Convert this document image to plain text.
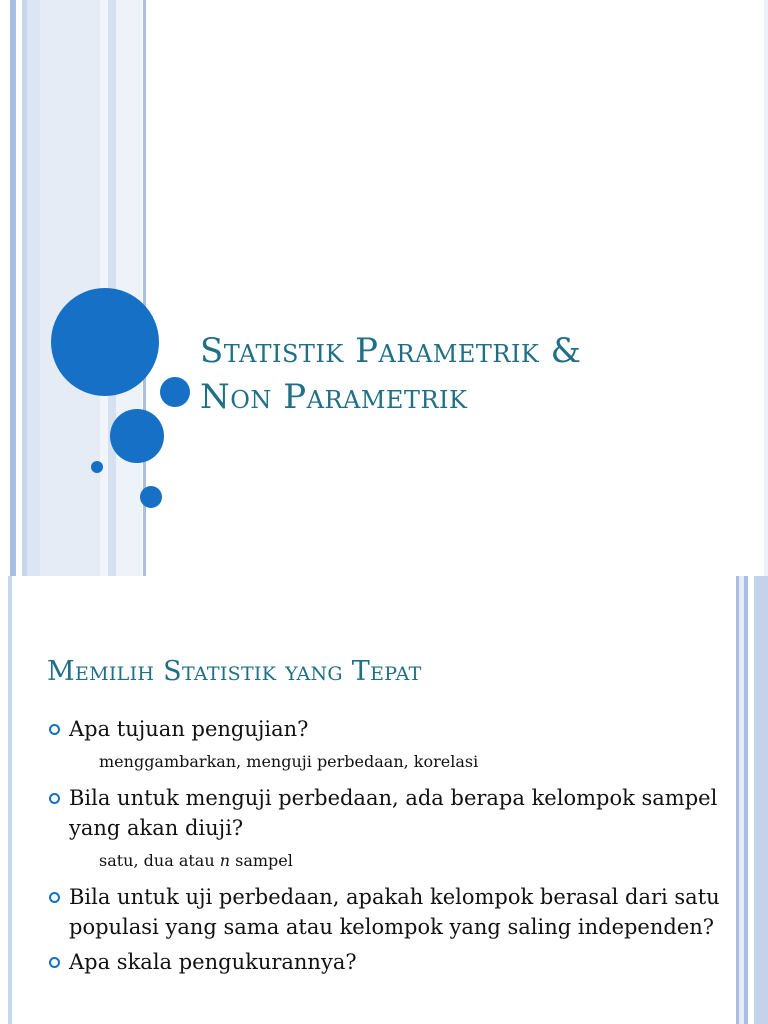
Statistik Parametrik &
Non Parametrik
Memilih Statistik yang Tepat
Apa tujuan pengujian?
menggambarkan, menguji perbedaan, korelasi
Bila untuk menguji perbedaan, ada berapa kelompok sampel yang akan diuji?
satu, dua atau n sampel
Bila untuk uji perbedaan, apakah kelompok berasal dari satu populasi yang sama atau kelompok yang saling independen?
Apa skala pengukurannya?
